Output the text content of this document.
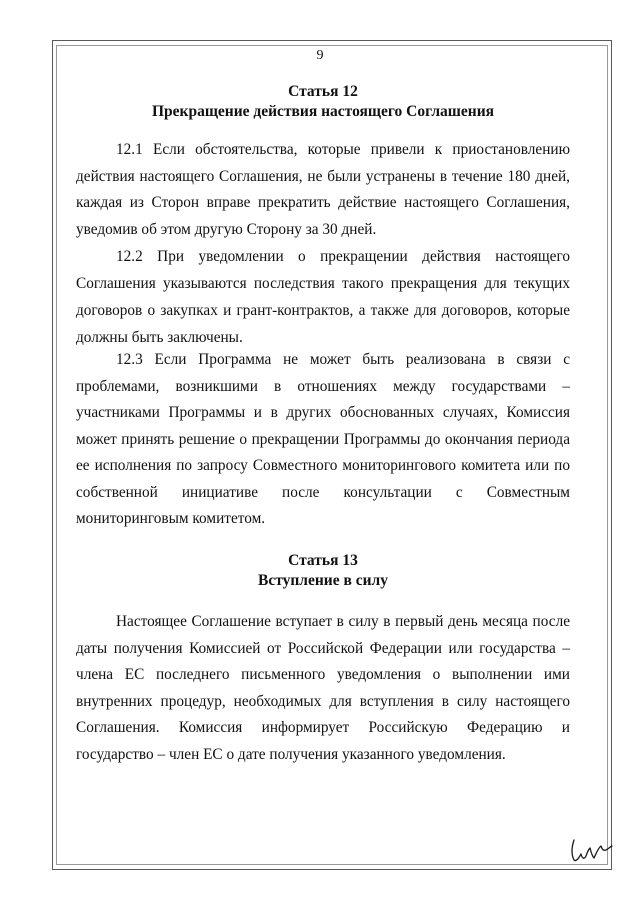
9
Статья 12
Прекращение действия настоящего Соглашения
12.1 Если обстоятельства, которые привели к приостановлению действия настоящего Соглашения, не были устранены в течение 180 дней, каждая из Сторон вправе прекратить действие настоящего Соглашения, уведомив об этом другую Сторону за 30 дней.
12.2 При уведомлении о прекращении действия настоящего Соглашения указываются последствия такого прекращения для текущих договоров о закупках и грант-контрактов, а также для договоров, которые должны быть заключены.
12.3 Если Программа не может быть реализована в связи с проблемами, возникшими в отношениях между государствами – участниками Программы и в других обоснованных случаях, Комиссия может принять решение о прекращении Программы до окончания периода ее исполнения по запросу Совместного мониторингового комитета или по собственной инициативе после консультации с Совместным мониторинговым комитетом.
Статья 13
Вступление в силу
Настоящее Соглашение вступает в силу в первый день месяца после даты получения Комиссией от Российской Федерации или государства – члена ЕС последнего письменного уведомления о выполнении ими внутренних процедур, необходимых для вступления в силу настоящего Соглашения. Комиссия информирует Российскую Федерацию и государство – член ЕС о дате получения указанного уведомления.
